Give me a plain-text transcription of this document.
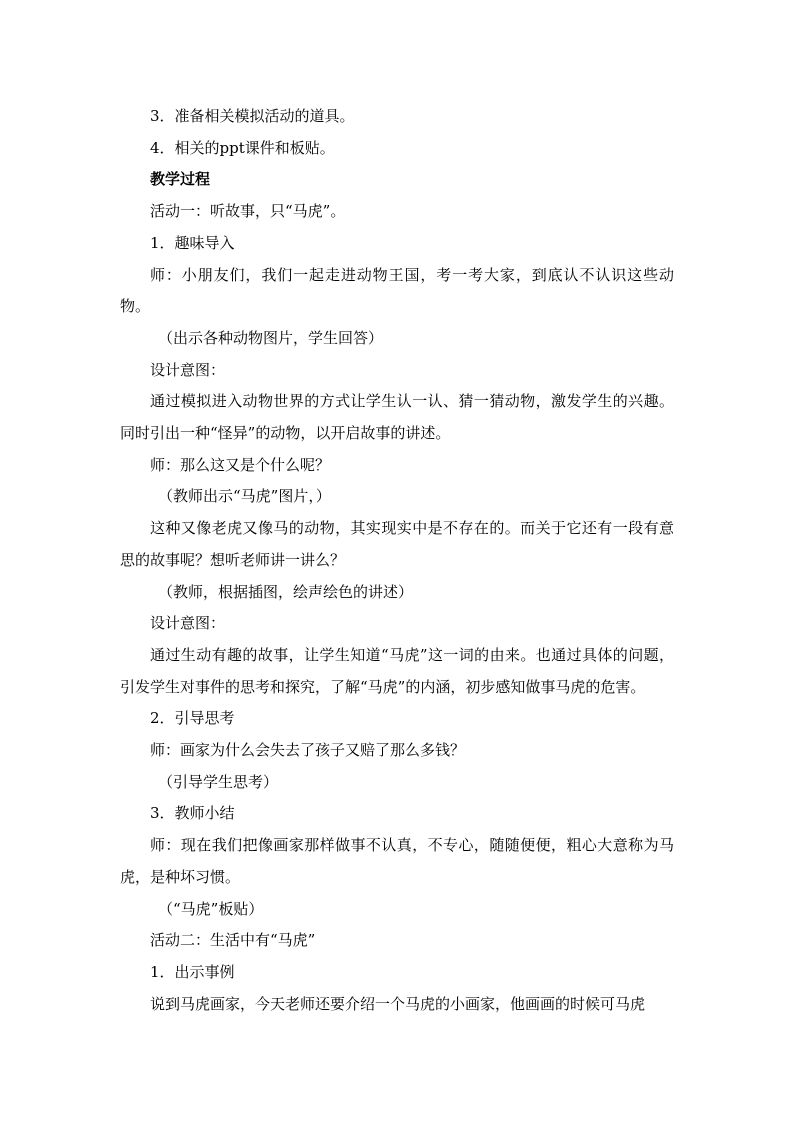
3．准备相关模拟活动的道具。

4．相关的ppt课件和板贴。

教学过程

活动一：听故事，只“马虎”。

1．趣味导入

师：小朋友们，我们一起走进动物王国，考一考大家，到底认不认识这些动物。

（出示各种动物图片，学生回答）

设计意图：

通过模拟进入动物世界的方式让学生认一认、猜一猜动物，激发学生的兴趣。同时引出一种“怪异”的动物，以开启故事的讲述。

师：那么这又是个什么呢？

（教师出示“马虎”图片，）

这种又像老虎又像马的动物，其实现实中是不存在的。而关于它还有一段有意思的故事呢？想听老师讲一讲么？

（教师，根据插图，绘声绘色的讲述）

设计意图：

通过生动有趣的故事，让学生知道“马虎”这一词的由来。也通过具体的问题，引发学生对事件的思考和探究，了解“马虎”的内涵，初步感知做事马虎的危害。

2．引导思考

师：画家为什么会失去了孩子又赔了那么多钱？

（引导学生思考）

3．教师小结

师：现在我们把像画家那样做事不认真，不专心，随随便便，粗心大意称为马虎，是种坏习惯。

（“马虎”板贴）

活动二：生活中有“马虎”

1．出示事例

说到马虎画家，今天老师还要介绍一个马虎的小画家，他画画的时候可马虎
